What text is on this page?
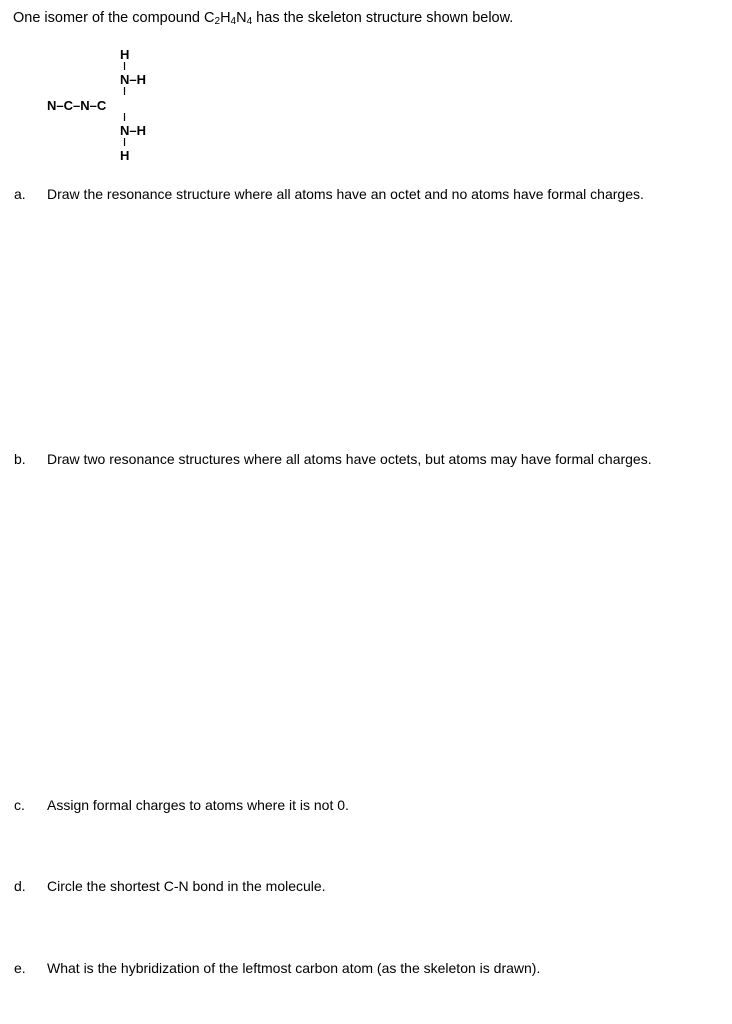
One isomer of the compound $C_2H_4N_4$ has the skeleton structure shown below.
H
N–H
N–C–N–C
N–H
H
a. Draw the resonance structure where all atoms have an octet and no atoms have formal charges.
b. Draw two resonance structures where all atoms have octets, but atoms may have formal charges.
c. Assign formal charges to atoms where it is not 0.
d. Circle the shortest C-N bond in the molecule.
e. What is the hybridization of the leftmost carbon atom (as the skeleton is drawn).
